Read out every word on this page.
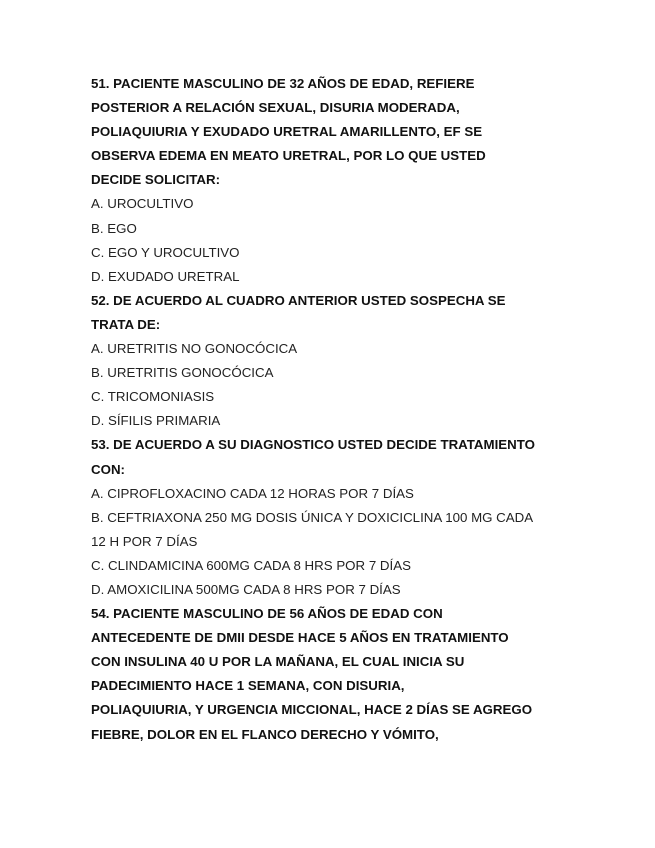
51. PACIENTE MASCULINO DE 32 AÑOS DE EDAD, REFIERE
POSTERIOR A RELACIÓN SEXUAL, DISURIA MODERADA,
POLIAQUIURIA Y EXUDADO URETRAL AMARILLENTO, EF SE
OBSERVA EDEMA EN MEATO URETRAL, POR LO QUE USTED
DECIDE SOLICITAR:
A. UROCULTIVO
B. EGO
C. EGO Y UROCULTIVO
D. EXUDADO URETRAL
52. DE ACUERDO AL CUADRO ANTERIOR USTED SOSPECHA SE
TRATA DE:
A. URETRITIS NO GONOCÓCICA
B. URETRITIS GONOCÓCICA
C. TRICOMONIASIS
D. SÍFILIS PRIMARIA
53. DE ACUERDO A SU DIAGNOSTICO USTED DECIDE TRATAMIENTO
CON:
A. CIPROFLOXACINO CADA 12 HORAS POR 7 DÍAS
B. CEFTRIAXONA 250 MG DOSIS ÚNICA Y DOXICICLINA 100 MG CADA
12 H POR 7 DÍAS
C. CLINDAMICINA 600MG CADA 8 HRS POR 7 DÍAS
D. AMOXICILINA 500MG CADA 8 HRS POR 7 DÍAS
54. PACIENTE MASCULINO DE 56 AÑOS DE EDAD CON
ANTECEDENTE DE DMII DESDE HACE 5 AÑOS EN TRATAMIENTO
CON INSULINA 40 U POR LA MAÑANA, EL CUAL INICIA SU
PADECIMIENTO HACE 1 SEMANA, CON DISURIA,
POLIAQUIURIA, Y URGENCIA MICCIONAL, HACE 2 DÍAS SE AGREGO
FIEBRE, DOLOR EN EL FLANCO DERECHO Y VÓMITO,
